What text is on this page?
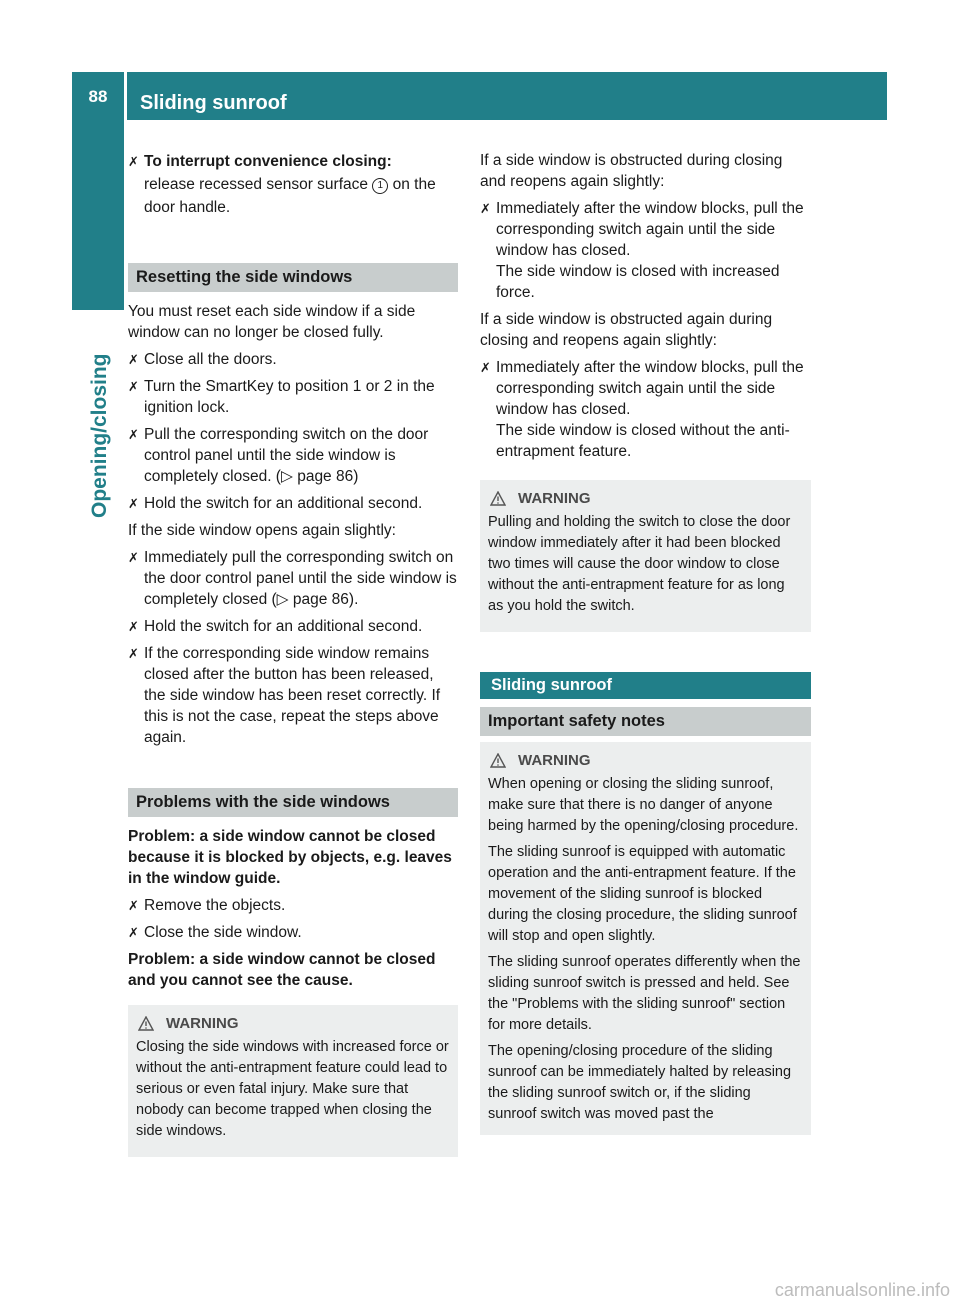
88	Sliding sunroof
Opening/closing
✗ To interrupt convenience closing:
release recessed sensor surface 1 on the door handle.
Resetting the side windows

You must reset each side window if a side window can no longer be closed fully.

✗ Close all the doors.
✗ Turn the SmartKey to position 1 or 2 in the ignition lock.
✗ Pull the corresponding switch on the door control panel until the side window is completely closed. (▷ page 86)
✗ Hold the switch for an additional second.

If the side window opens again slightly:

✗ Immediately pull the corresponding switch on the door control panel until the side window is completely closed (▷ page 86).
✗ Hold the switch for an additional second.
✗ If the corresponding side window remains closed after the button has been released, the side window has been reset correctly. If this is not the case, repeat the steps above again.
Problems with the side windows

Problem: a side window cannot be closed because it is blocked by objects, e.g. leaves in the window guide.

✗ Remove the objects.
✗ Close the side window.

Problem: a side window cannot be closed and you cannot see the cause.

WARNING

Closing the side windows with increased force or without the anti-entrapment feature could lead to serious or even fatal injury. Make sure that nobody can become trapped when closing the side windows.

If a side window is obstructed during closing and reopens again slightly:

✗ Immediately after the window blocks, pull the corresponding switch again until the side window has closed.
The side window is closed with increased force.

If a side window is obstructed again during closing and reopens again slightly:

✗ Immediately after the window blocks, pull the corresponding switch again until the side window has closed.
The side window is closed without the anti-entrapment feature.
WARNING

Pulling and holding the switch to close the door window immediately after it had been blocked two times will cause the door window to close without the anti-entrapment feature for as long as you hold the switch.

Sliding sunroof
Important safety notes
WARNING

When opening or closing the sliding sunroof, make sure that there is no danger of anyone being harmed by the opening/closing procedure.

The sliding sunroof is equipped with automatic operation and the anti-entrapment feature. If the movement of the sliding sunroof is blocked during the closing procedure, the sliding sunroof will stop and open slightly.

The sliding sunroof operates differently when the sliding sunroof switch is pressed and held. See the "Problems with the sliding sunroof" section for more details.

The opening/closing procedure of the sliding sunroof can be immediately halted by releasing the sliding sunroof switch or, if the sliding sunroof switch was moved past the

carmanualsonline.info
